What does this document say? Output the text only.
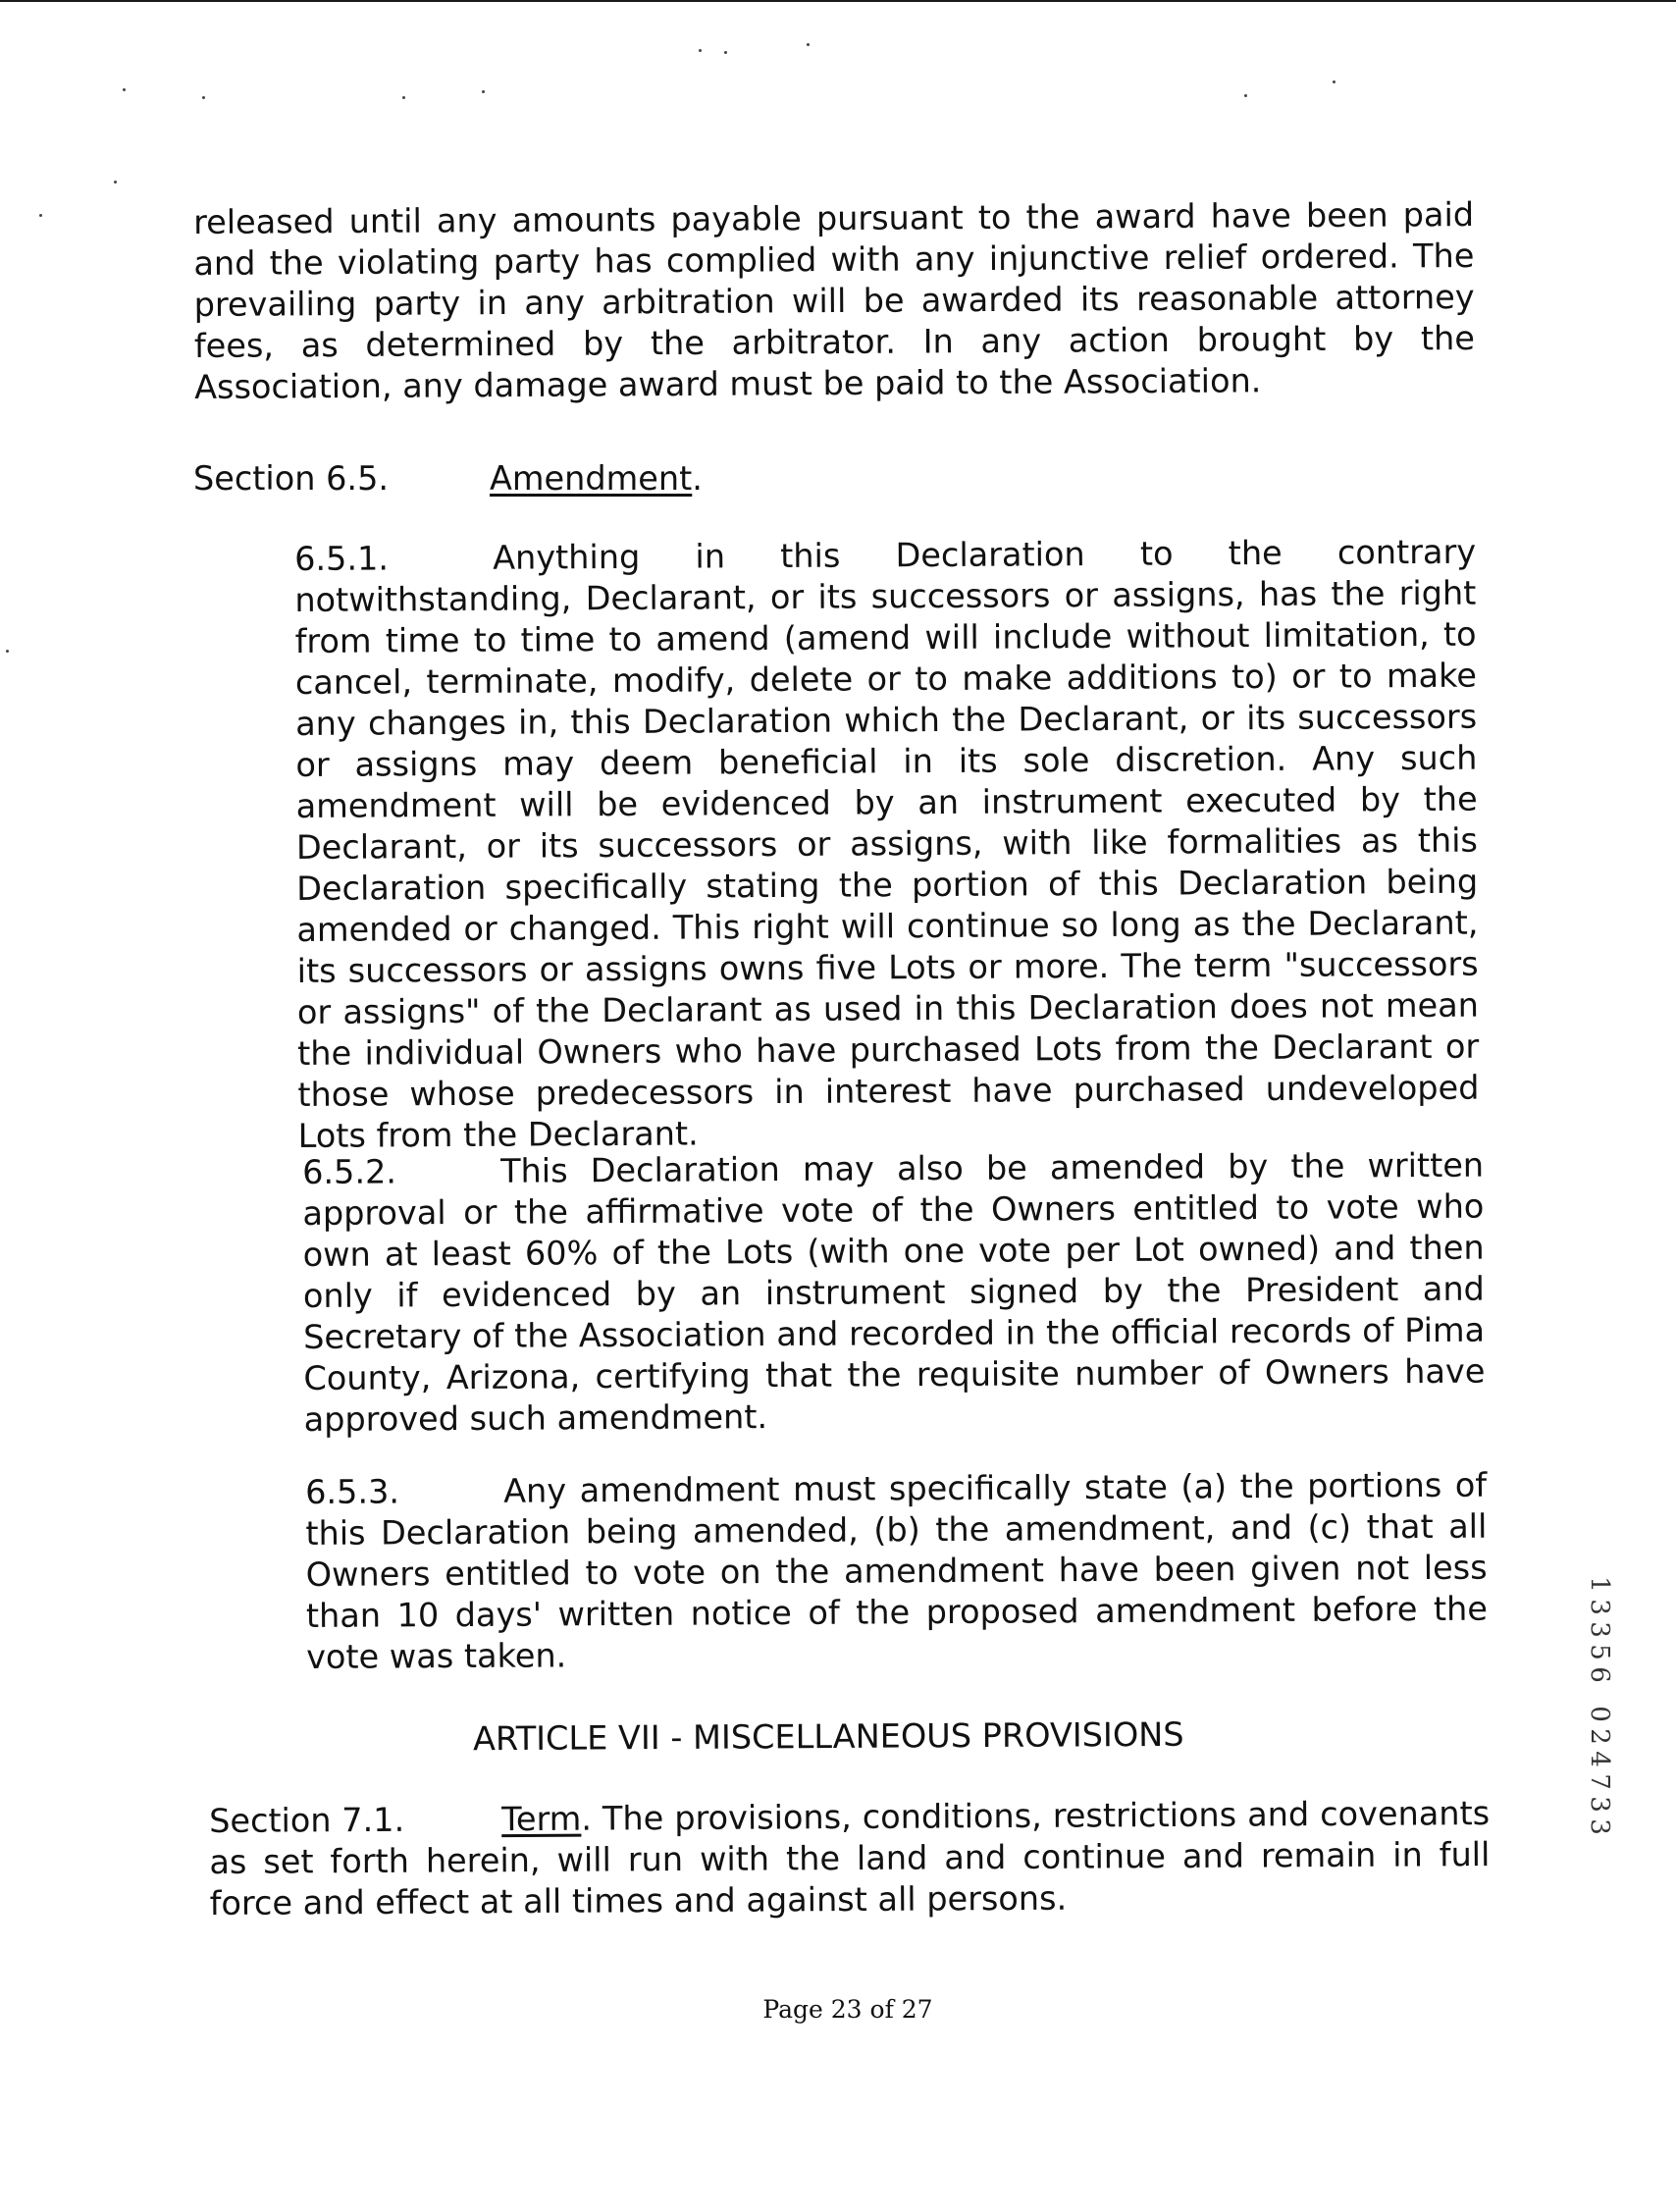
released until any amounts payable pursuant to the award have been paid and the violating party has complied with any injunctive relief ordered. The prevailing party in any arbitration will be awarded its reasonable attorney fees, as determined by the arbitrator. In any action brought by the Association, any damage award must be paid to the Association.
Section 6.5.	Amendment.
6.5.1.	Anything in this Declaration to the contrary notwithstanding, Declarant, or its successors or assigns, has the right from time to time to amend (amend will include without limitation, to cancel, terminate, modify, delete or to make additions to) or to make any changes in, this Declaration which the Declarant, or its successors or assigns may deem beneficial in its sole discretion. Any such amendment will be evidenced by an instrument executed by the Declarant, or its successors or assigns, with like formalities as this Declaration specifically stating the portion of this Declaration being amended or changed. This right will continue so long as the Declarant, its successors or assigns owns five Lots or more. The term "successors or assigns" of the Declarant as used in this Declaration does not mean the individual Owners who have purchased Lots from the Declarant or those whose predecessors in interest have purchased undeveloped Lots from the Declarant.
6.5.2.	This Declaration may also be amended by the written approval or the affirmative vote of the Owners entitled to vote who own at least 60% of the Lots (with one vote per Lot owned) and then only if evidenced by an instrument signed by the President and Secretary of the Association and recorded in the official records of Pima County, Arizona, certifying that the requisite number of Owners have approved such amendment.
6.5.3.	Any amendment must specifically state (a) the portions of this Declaration being amended, (b) the amendment, and (c) that all Owners entitled to vote on the amendment have been given not less than 10 days' written notice of the proposed amendment before the vote was taken.
ARTICLE VII - MISCELLANEOUS PROVISIONS
Section 7.1.	Term. The provisions, conditions, restrictions and covenants as set forth herein, will run with the land and continue and remain in full force and effect at all times and against all persons.
Page 23 of 27
1
3
3
5
6
0
2
4
7
3
3
